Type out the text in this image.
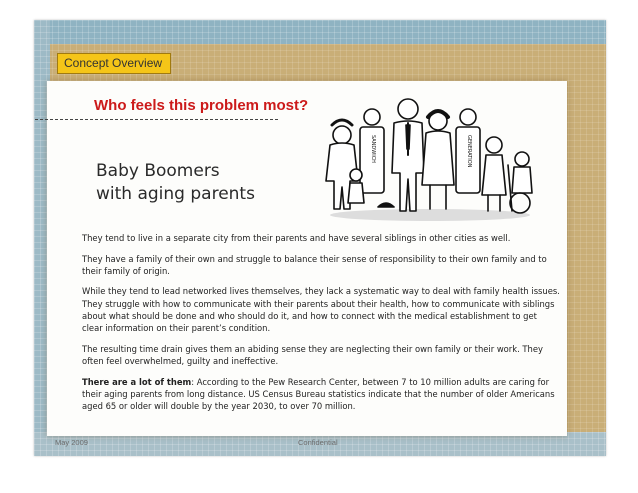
Concept Overview
Who feels this problem most?
Baby Boomers
with aging parents
SANDWICH	GENERATION

They tend to live in a separate city from their parents and have several siblings in other cities as well.

They have a family of their own and struggle to balance their sense of responsibility to their own family and to their family of origin.

While they tend to lead networked lives themselves, they lack a systematic way to deal with family health issues. They struggle with how to communicate with their parents about their health, how to communicate with siblings about what should be done and who should do it, and how to connect with the medical establishment to get clear information on their parent’s condition.

The resulting time drain gives them an abiding sense they are neglecting their own family or their work. They often feel overwhelmed, guilty and ineffective.

There are a lot of them: According to the Pew Research Center, between 7 to 10 million adults are caring for their aging parents from long distance. US Census Bureau statistics indicate that the number of older Americans aged 65 or older will double by the year 2030, to over 70 million.

May 2009	Confidential
